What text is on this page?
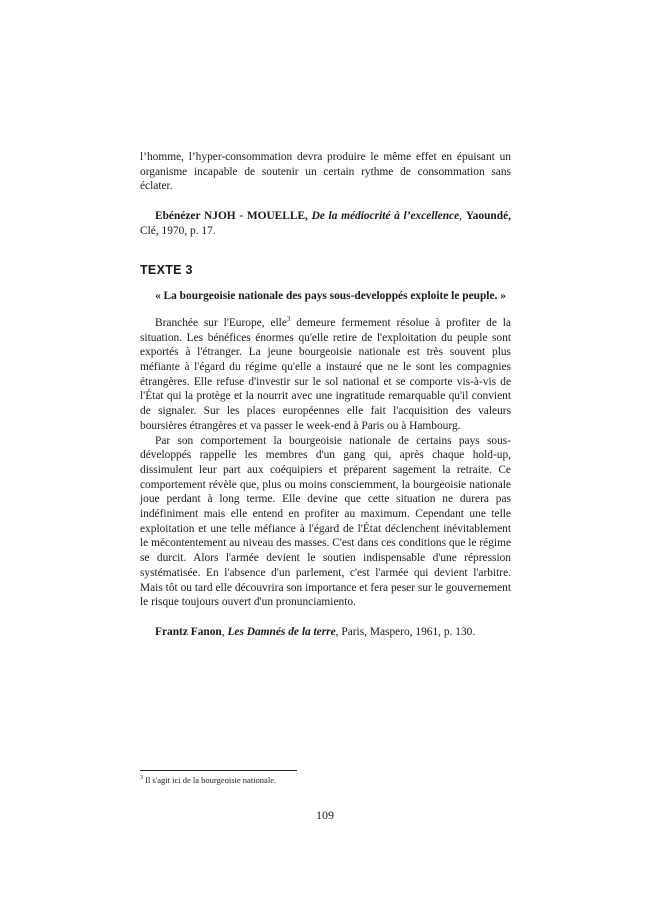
l’homme, l’hyper-consommation devra produire le même effet en épuisant un organisme incapable de soutenir un certain rythme de consommation sans éclater.

Ebénézer NJOH - MOUELLE, De la médiocrité à l’excellence, Yaoundé, Clé, 1970, p. 17.

TEXTE 3

« La bourgeoisie nationale des pays sous-developpés exploite le peuple. »

Branchée sur l'Europe, elle$^3$ demeure fermement résolue à profiter de la situation. Les bénéfices énormes qu'elle retire de l'exploitation du peuple sont exportés à l'étranger. La jeune bourgeoisie nationale est très souvent plus méfiante à l'égard du régime qu'elle a instauré que ne le sont les compagnies étrangères. Elle refuse d'investir sur le sol national et se comporte vis-à-vis de l'État qui la protège et la nourrit avec une ingratitude remarquable qu'il convient de signaler. Sur les places européennes elle fait l'acquisition des valeurs boursières étrangères et va passer le week-end à Paris ou à Hambourg.

Par son comportement la bourgeoisie nationale de certains pays sous-développés rappelle les membres d'un gang qui, après chaque hold-up, dissimulent leur part aux coéquipiers et préparent sagement la retraite. Ce comportement révèle que, plus ou moins consciemment, la bourgeoisie nationale joue perdant à long terme. Elle devine que cette situation ne durera pas indéfiniment mais elle entend en profiter au maximum. Cependant une telle exploitation et une telle méfiance à l'égard de l'État déclenchent inévitablement le mécontentement au niveau des masses. C'est dans ces conditions que le régime se durcit. Alors l'armée devient le soutien indispensable d'une répression systématisée. En l'absence d'un parlement, c'est l'armée qui devient l'arbitre. Mais tôt ou tard elle découvrira son importance et fera peser sur le gouvernement le risque toujours ouvert d'un pronunciamiento.

Frantz Fanon, Les Damnés de la terre, Paris, Maspero, 1961, p. 130.

$^3$ Il s'agit ici de la bourgeoisie nationale.
109
